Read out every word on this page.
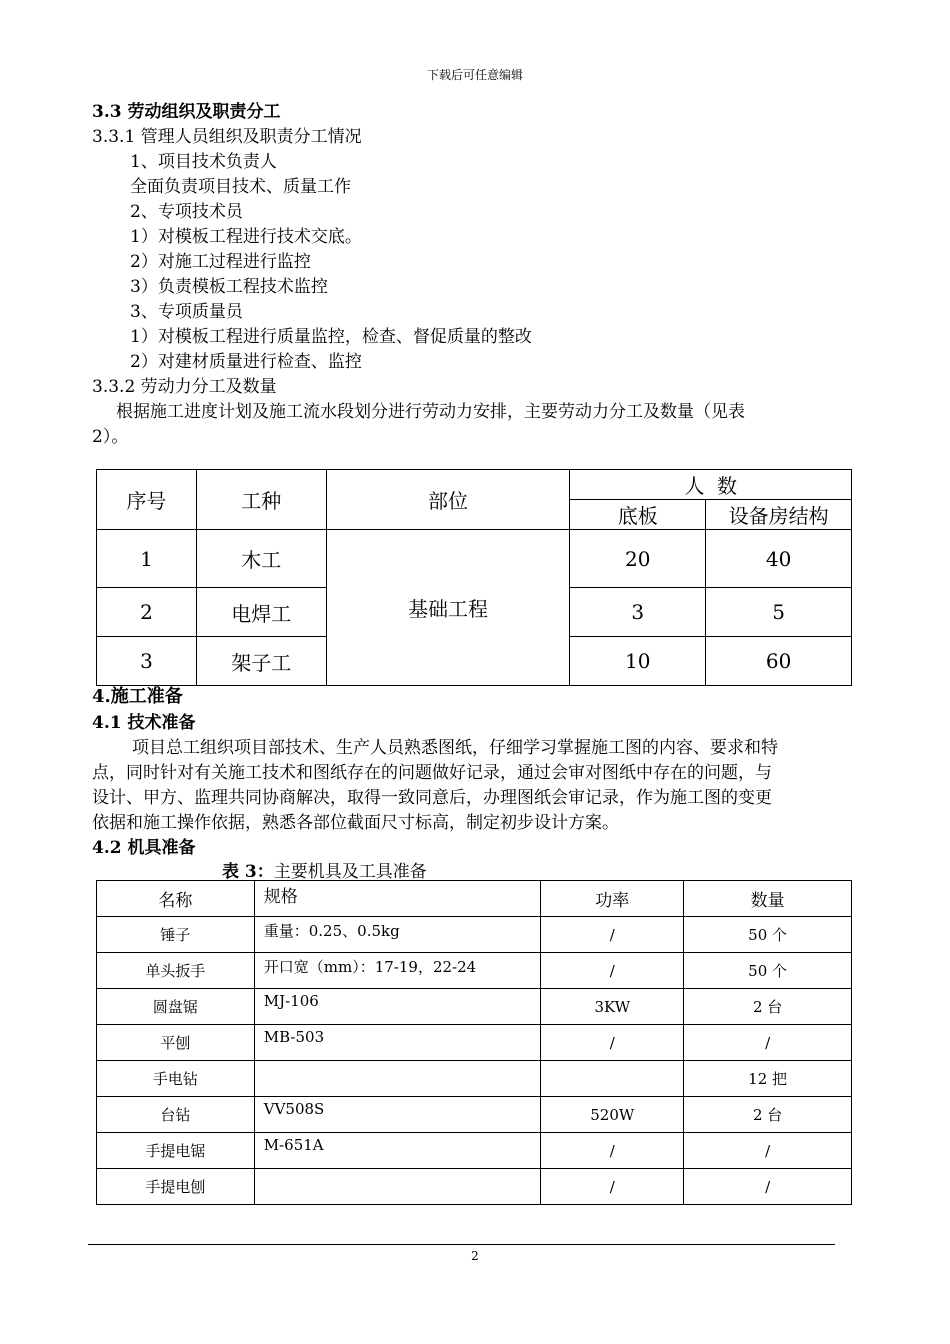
下载后可任意编辑
3.3 劳动组织及职责分工
3.3.1 管理人员组织及职责分工情况
1、项目技术负责人
全面负责项目技术、质量工作
2、专项技术员
1）对模板工程进行技术交底。
2）对施工过程进行监控
3）负责模板工程技术监控
3、专项质量员
1）对模板工程进行质量监控，检查、督促质量的整改
2）对建材质量进行检查、监控
3.3.2 劳动力分工及数量
根据施工进度计划及施工流水段划分进行劳动力安排，主要劳动力分工及数量（见表
2）。
序号	工种	部位	人  数	
			底板	设备房结构
1	木工	基础工程	20	40
2	电焊工		3	5
3	架子工		10	60
4.施工准备
4.1 技术准备
项目总工组织项目部技术、生产人员熟悉图纸，仔细学习掌握施工图的内容、要求和特
点，同时针对有关施工技术和图纸存在的问题做好记录，通过会审对图纸中存在的问题，与
设计、甲方、监理共同协商解决，取得一致同意后，办理图纸会审记录，作为施工图的变更
依据和施工操作依据，熟悉各部位截面尺寸标高，制定初步设计方案。
4.2 机具准备
表 3：主要机具及工具准备
名称	规格	功率	数量
锤子	重量：0.25、0.5kg	/	50 个
单头扳手	开口宽（mm）：17-19，22-24	/	50 个
圆盘锯	MJ-106	3KW	2 台
平刨	MB-503	/	/
手电钻			12 把
台钻	VV508S	520W	2 台
手提电锯	M-651A	/	/
手提电刨		/	/
2
